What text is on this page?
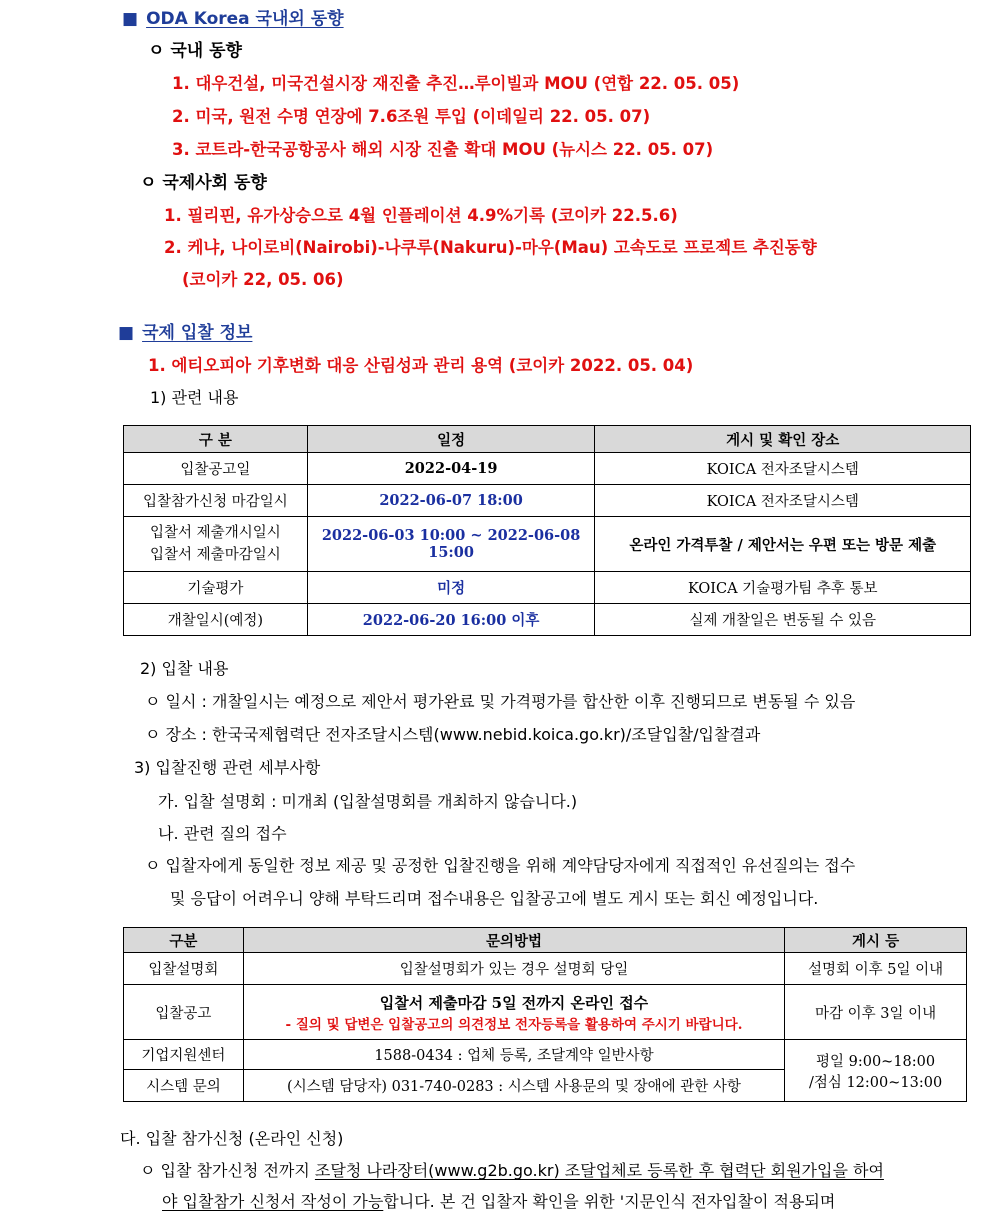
■ ODA Korea 국내외 동향
ㅇ 국내 동향
1. 대우건설, 미국건설시장 재진출 추진…루이빌과 MOU (연합 22. 05. 05)
2. 미국, 원전 수명 연장에 7.6조원 투입 (이데일리 22. 05. 07)
3. 코트라-한국공항공사 해외 시장 진출 확대 MOU (뉴시스 22. 05. 07)
ㅇ 국제사회 동향
1. 필리핀, 유가상승으로 4월 인플레이션 4.9%기록 (코이카 22.5.6)
2. 케냐, 나이로비(Nairobi)-나쿠루(Nakuru)-마우(Mau) 고속도로 프로젝트 추진동향
(코이카 22, 05. 06)
■ 국제 입찰 정보
1. 에티오피아 기후변화 대응 산림성과 관리 용역 (코이카 2022. 05. 04)
1) 관련 내용
구 분	일정	게시 및 확인 장소
입찰공고일	2022-04-19	KOICA 전자조달시스템
입찰참가신청 마감일시	2022-06-07 18:00	KOICA 전자조달시스템
입찰서 제출개시일시
입찰서 제출마감일시	2022-06-03 10:00 ~ 2022-06-08 15:00	온라인 가격투찰 / 제안서는 우편 또는 방문 제출
기술평가	미정	KOICA 기술평가팀 추후 통보
개찰일시(예정)	2022-06-20 16:00 이후	실제 개찰일은 변동될 수 있음
2) 입찰 내용
ㅇ 일시 : 개찰일시는 예정으로 제안서 평가완료 및 가격평가를 합산한 이후 진행되므로 변동될 수 있음
ㅇ 장소 : 한국국제협력단 전자조달시스템(www.nebid.koica.go.kr)/조달입찰/입찰결과
3) 입찰진행 관련 세부사항
가. 입찰 설명회 : 미개최 (입찰설명회를 개최하지 않습니다.)
나. 관련 질의 접수
ㅇ 입찰자에게 동일한 정보 제공 및 공정한 입찰진행을 위해 계약담당자에게 직접적인 유선질의는 접수
및 응답이 어려우니 양해 부탁드리며 접수내용은 입찰공고에 별도 게시 또는 회신 예정입니다.
구분	문의방법	게시 등
입찰설명회	입찰설명회가 있는 경우 설명회 당일	설명회 이후 5일 이내
입찰공고	입찰서 제출마감 5일 전까지 온라인 접수
- 질의 및 답변은 입찰공고의 의견정보 전자등록을 활용하여 주시기 바랍니다.	마감 이후 3일 이내
기업지원센터	1588-0434 : 업체 등록, 조달계약 일반사항	평일 9:00~18:00
/점심 12:00~13:00

시스템 문의	(시스템 담당자) 031-740-0283 : 시스템 사용문의 및 장애에 관한 사항	
다. 입찰 참가신청 (온라인 신청)
ㅇ 입찰 참가신청 전까지 조달청 나라장터(www.g2b.go.kr) 조달업체로 등록한 후 협력단 회원가입을 하여
야 입찰참가 신청서 작성이 가능합니다. 본 건 입찰자 확인을 위한 '지문인식 전자입찰이 적용되며
